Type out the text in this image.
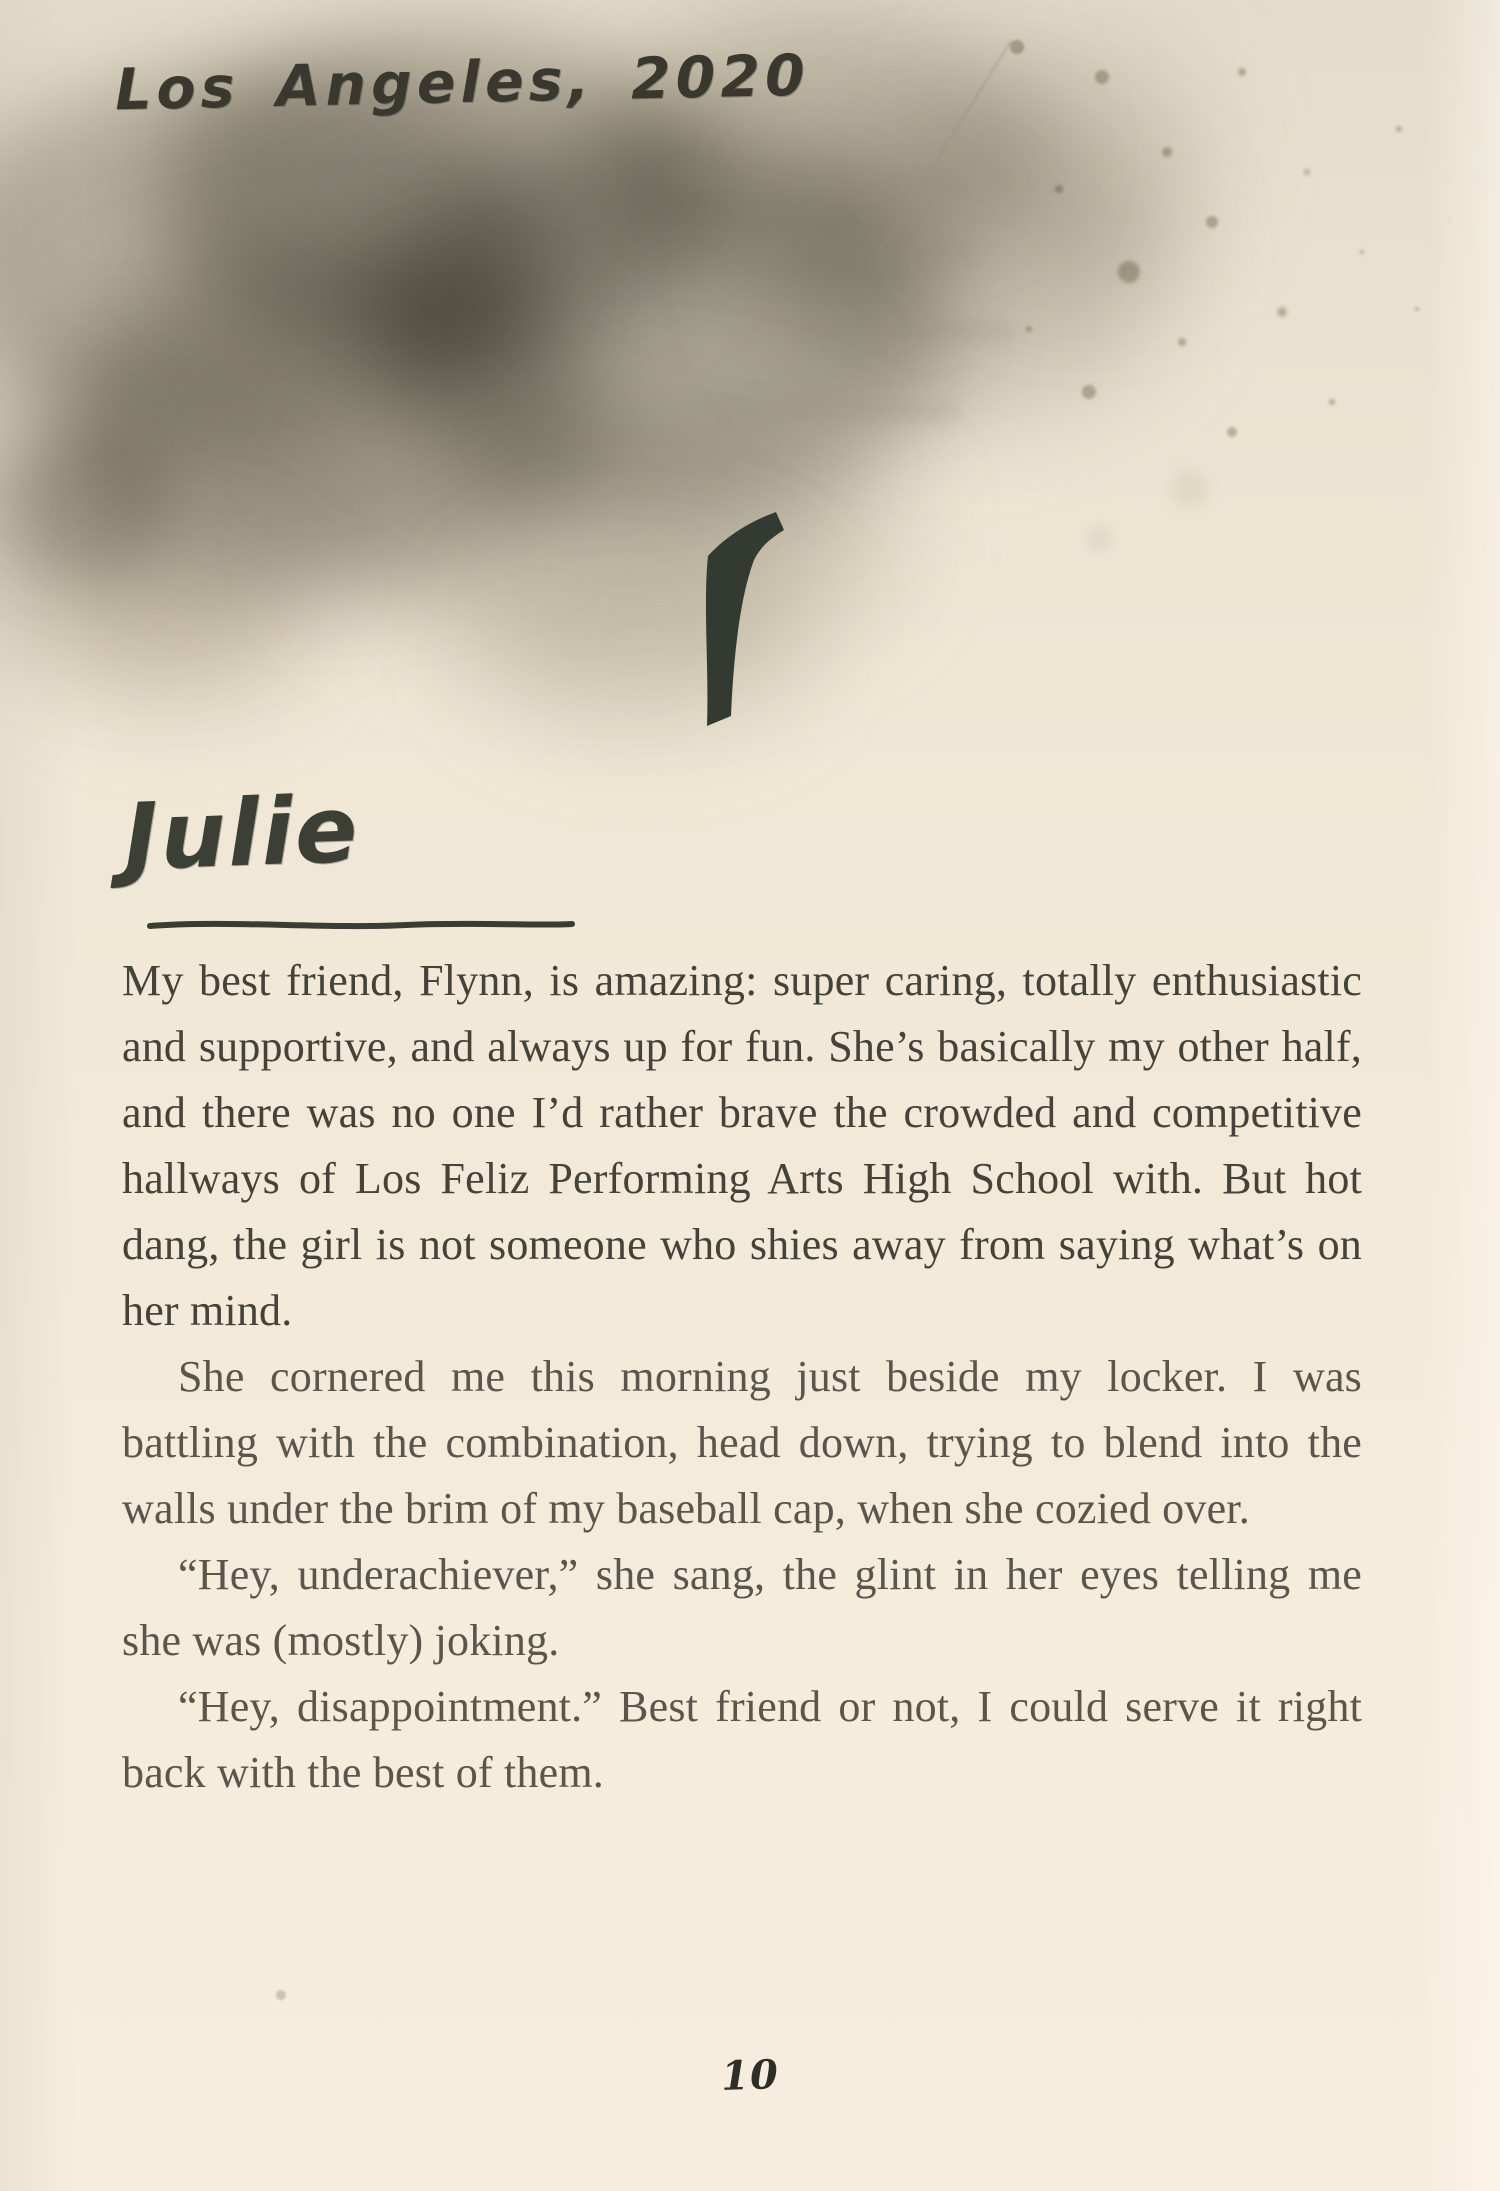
Los Angeles, 2020
Julie

My best friend, Flynn, is amazing: super caring, totally enthusiastic and supportive, and always up for fun. She’s basically my other half, and there was no one I’d rather brave the crowded and competitive hallways of Los Feliz Performing Arts High School with. But hot dang, the girl is not someone who shies away from saying what’s on her mind.

She cornered me this morning just beside my locker. I was battling with the combination, head down, trying to blend into the walls under the brim of my baseball cap, when she cozied over.

“Hey, underachiever,” she sang, the glint in her eyes telling me she was (mostly) joking.

“Hey, disappointment.” Best friend or not, I could serve it right back with the best of them.

10
